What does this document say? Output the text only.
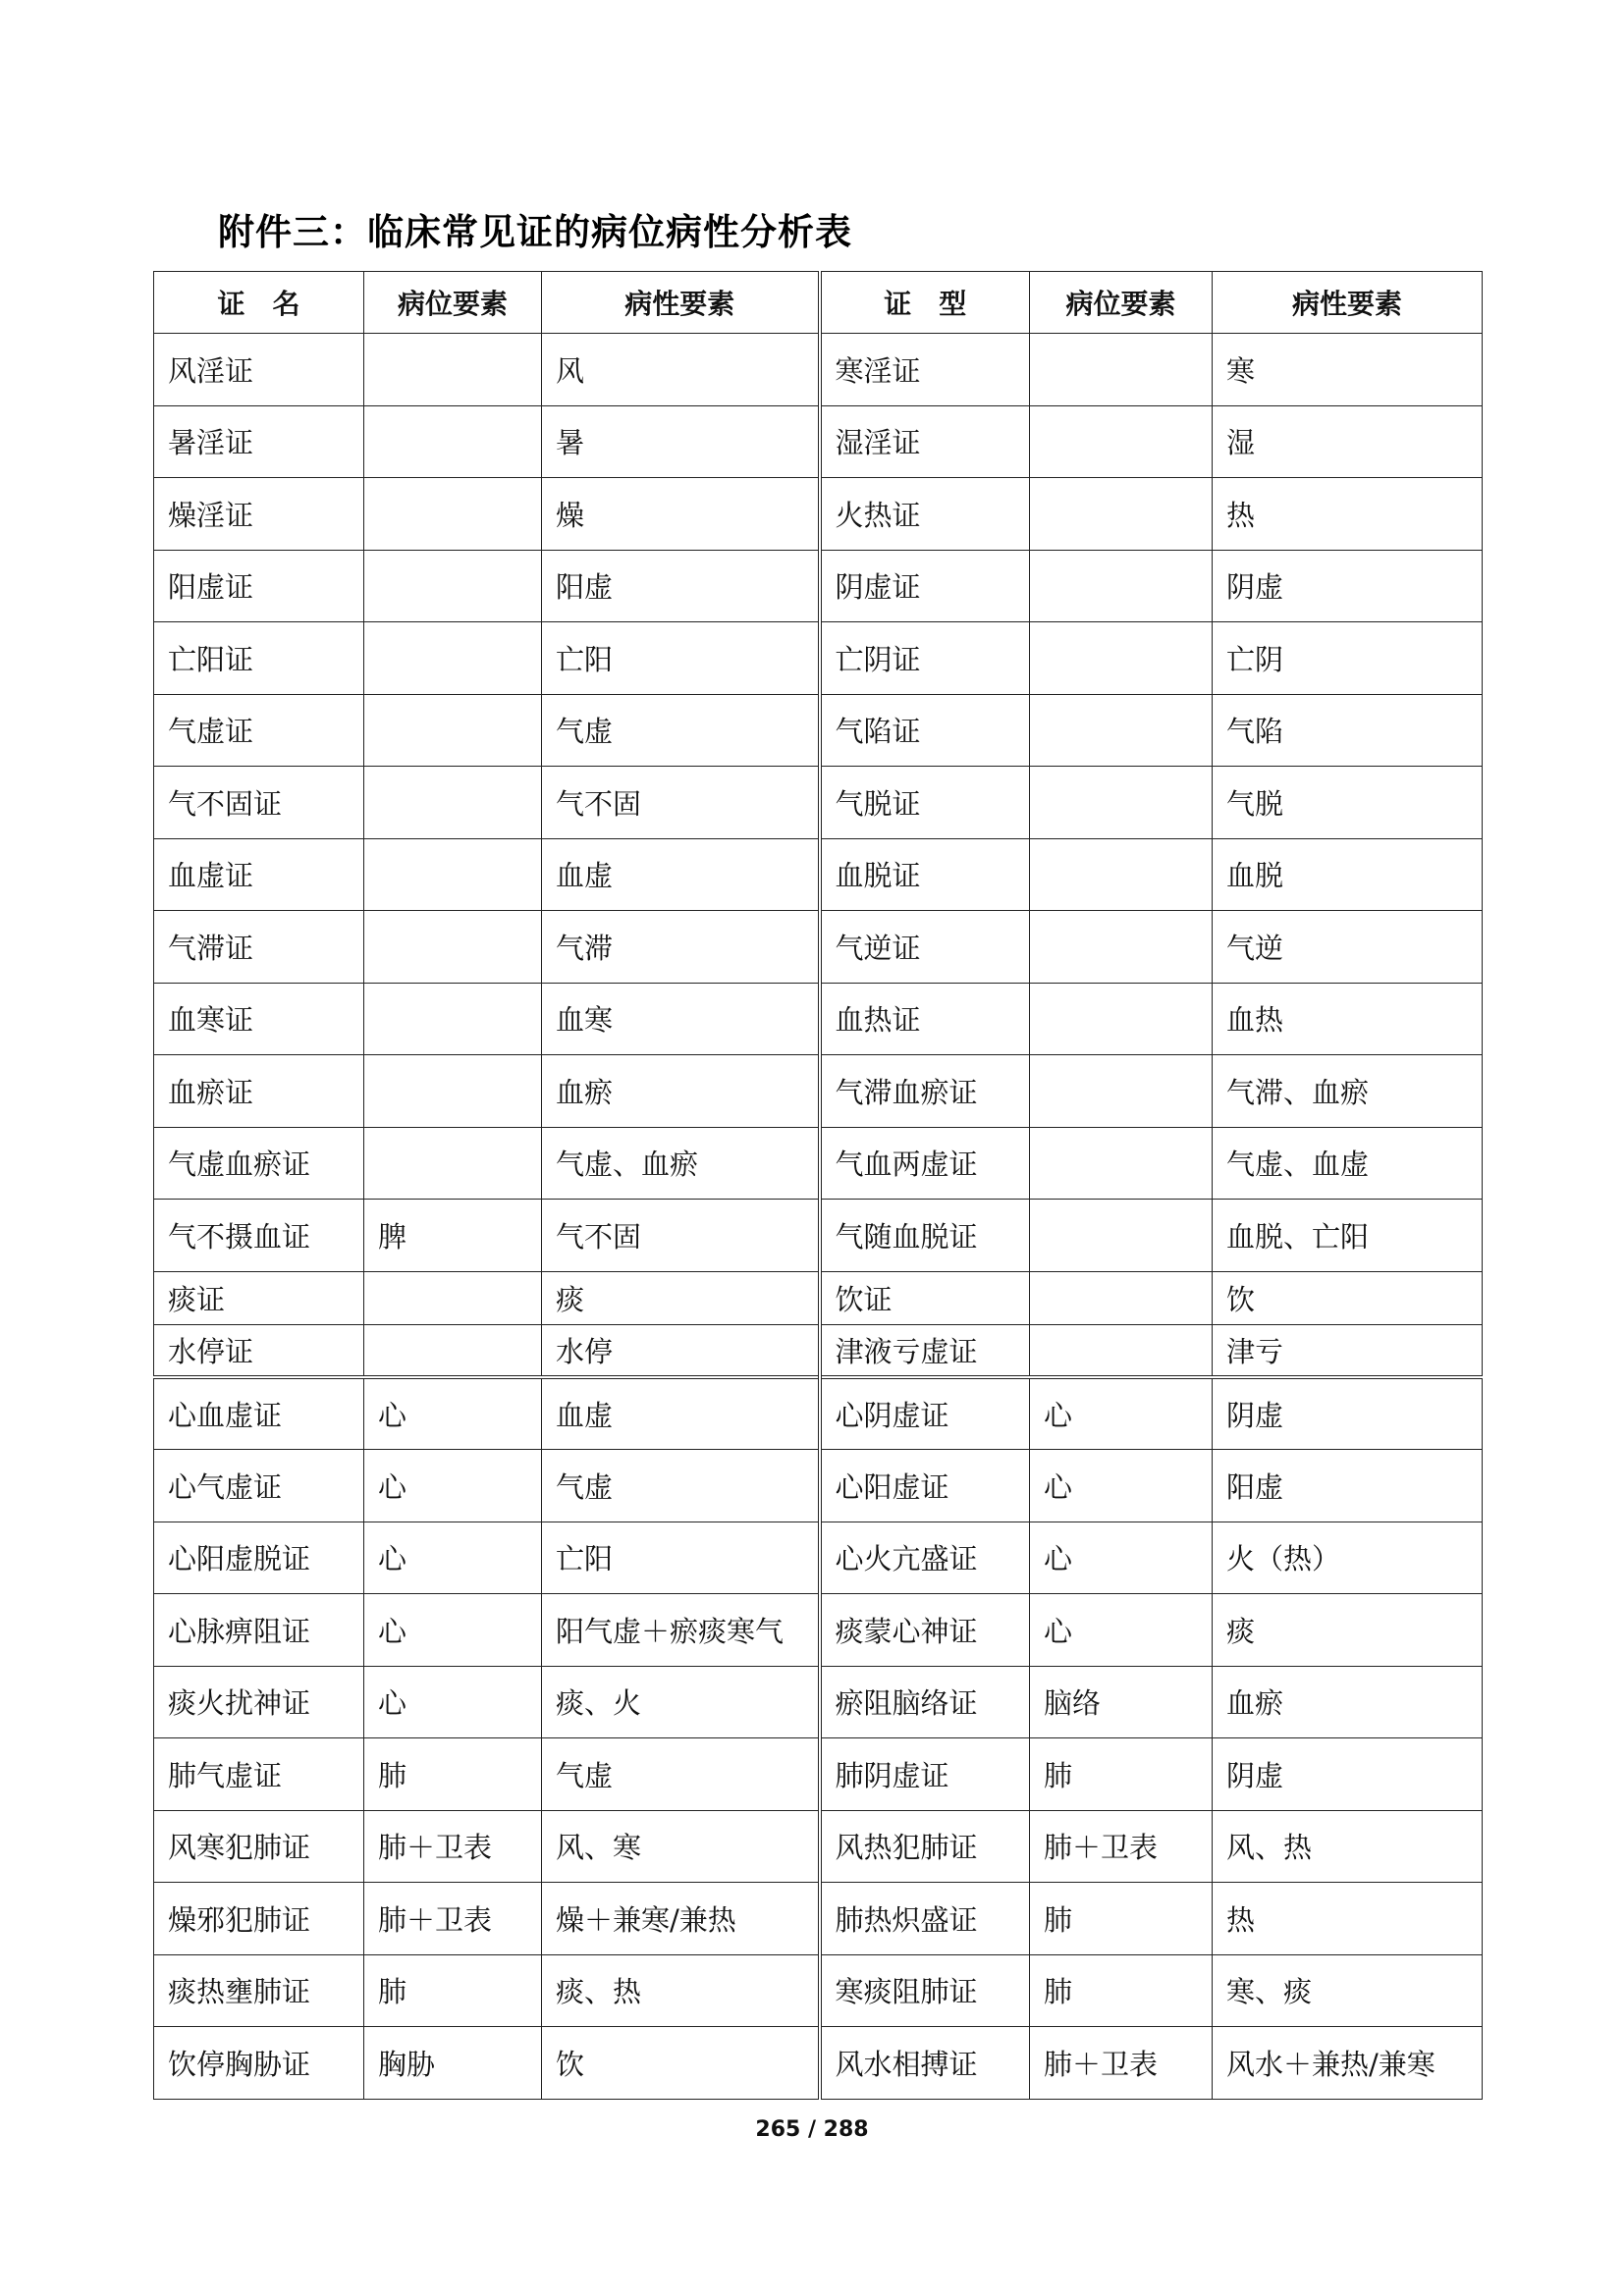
附件三：临床常见证的病位病性分析表
证　名	病位要素	病性要素	证　型	病位要素	病性要素
风淫证		风	寒淫证		寒
暑淫证		暑	湿淫证		湿
燥淫证		燥	火热证		热
阳虚证		阳虚	阴虚证		阴虚
亡阳证		亡阳	亡阴证		亡阴
气虚证		气虚	气陷证		气陷
气不固证		气不固	气脱证		气脱
血虚证		血虚	血脱证		血脱
气滞证		气滞	气逆证		气逆
血寒证		血寒	血热证		血热
血瘀证		血瘀	气滞血瘀证		气滞、血瘀
气虚血瘀证		气虚、血瘀	气血两虚证		气虚、血虚
气不摄血证	脾	气不固	气随血脱证		血脱、亡阳
痰证		痰	饮证		饮
水停证		水停	津液亏虚证		津亏
心血虚证	心	血虚	心阴虚证	心	阴虚
心气虚证	心	气虚	心阳虚证	心	阳虚
心阳虚脱证	心	亡阳	心火亢盛证	心	火（热）
心脉痹阻证	心	阳气虚＋瘀痰寒气	痰蒙心神证	心	痰
痰火扰神证	心	痰、火	瘀阻脑络证	脑络	血瘀
肺气虚证	肺	气虚	肺阴虚证	肺	阴虚
风寒犯肺证	肺＋卫表	风、寒	风热犯肺证	肺＋卫表	风、热
燥邪犯肺证	肺＋卫表	燥＋兼寒/兼热	肺热炽盛证	肺	热
痰热壅肺证	肺	痰、热	寒痰阻肺证	肺	寒、痰
饮停胸胁证	胸胁	饮	风水相搏证	肺＋卫表	风水＋兼热/兼寒
265 / 288
